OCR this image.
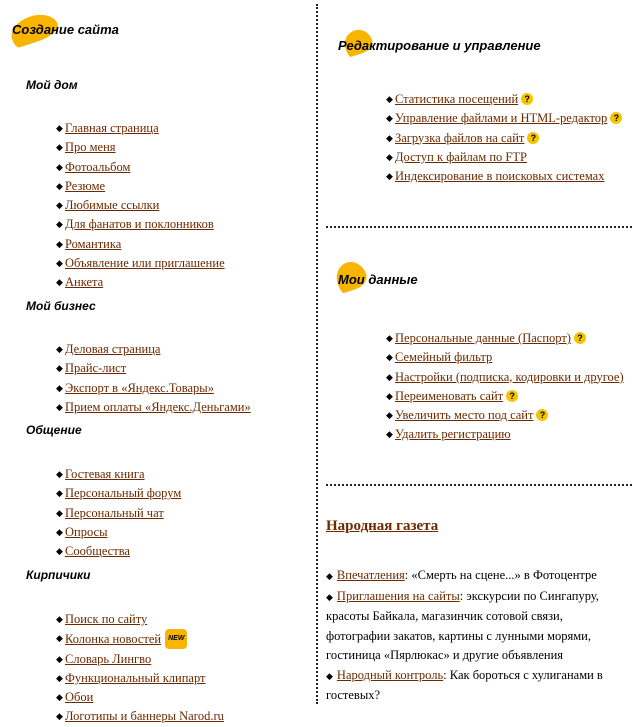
Создание сайта

Мой дом

◆ Главная страница
◆ Про меня
◆ Фотоальбом
◆ Резюме
◆ Любимые ссылки
◆ Для фанатов и поклонников
◆ Романтика
◆ Объявление или приглашение
◆ Анкета

Мой бизнес

◆ Деловая страница
◆ Прайс-лист
◆ Экспорт в «Яндекс.Товары»
◆ Прием оплаты «Яндекс.Деньгами»

Общение

◆ Гостевая книга
◆ Персональный форум
◆ Персональный чат
◆ Опросы
◆ Сообщества

Кирпичики

◆ Поиск по сайту
◆ Колонка новостей NEW
◆ Словарь Лингво
◆ Функциональный клипарт
◆ Обои
◆ Логотипы и баннеры Narod.ru
Редактирование и управление
◆ Статистика посещений ?
◆ Управление файлами и HTML-редактор ?
◆ Загрузка файлов на сайт ?
◆ Доступ к файлам по FTP
◆ Индексирование в поисковых системах
Мои данные
◆ Персональные данные (Паспорт) ?
◆ Семейный фильтр
◆ Настройки (подписка, кодировки и другое)
◆ Переименовать сайт ?
◆ Увеличить место под сайт ?
◆ Удалить регистрацию

Народная газета

◆ Впечатления: «Смерть на сцене...» в Фотоцентре

◆ Приглашения на сайты: экскурсии по Сингапуру, красоты Байкала, магазинчик сотовой связи, фотографии закатов, картины с лунными морями, гостиница «Пярлюкас» и другие объявления

◆ Народный контроль: Как бороться с хулиганами в гостевых?
